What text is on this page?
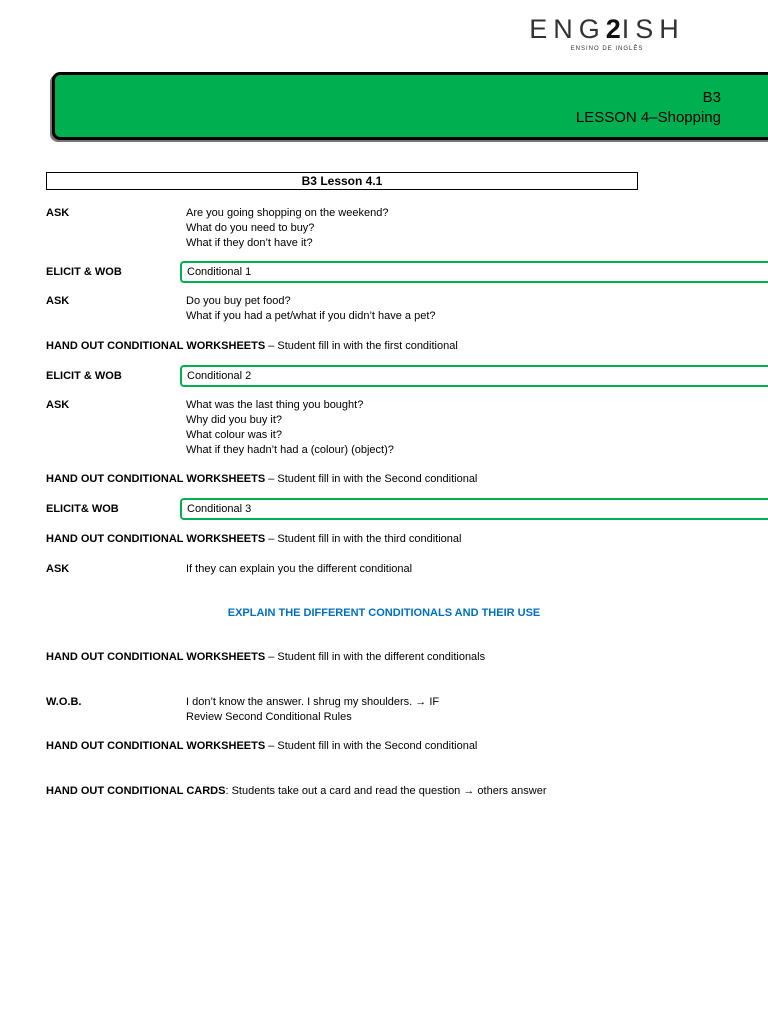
ENG2ISH
ENSINO DE INGLÊS
B3
LESSON 4–Shopping
B3 Lesson 4.1
ASK	Are you going shopping on the weekend?
What do you need to buy?
What if they don’t have it?
ELICIT & WOB	Conditional 1
ASK	Do you buy pet food?
What if you had a pet/what if you didn’t have a pet?
HAND OUT CONDITIONAL WORKSHEETS – Student fill in with the first conditional
ELICIT & WOB	Conditional 2
ASK	What was the last thing you bought?
Why did you buy it?
What colour was it?
What if they hadn’t had a (colour) (object)?
HAND OUT CONDITIONAL WORKSHEETS – Student fill in with the Second conditional
ELICIT& WOB	Conditional 3
HAND OUT CONDITIONAL WORKSHEETS – Student fill in with the third conditional
ASK	If they can explain you the different conditional
EXPLAIN THE DIFFERENT CONDITIONALS AND THEIR USE
HAND OUT CONDITIONAL WORKSHEETS – Student fill in with the different conditionals
W.O.B.	I don’t know the answer. I shrug my shoulders. → IF
Review Second Conditional Rules
HAND OUT CONDITIONAL WORKSHEETS – Student fill in with the Second conditional
HAND OUT CONDITIONAL CARDS: Students take out a card and read the question → others answer
